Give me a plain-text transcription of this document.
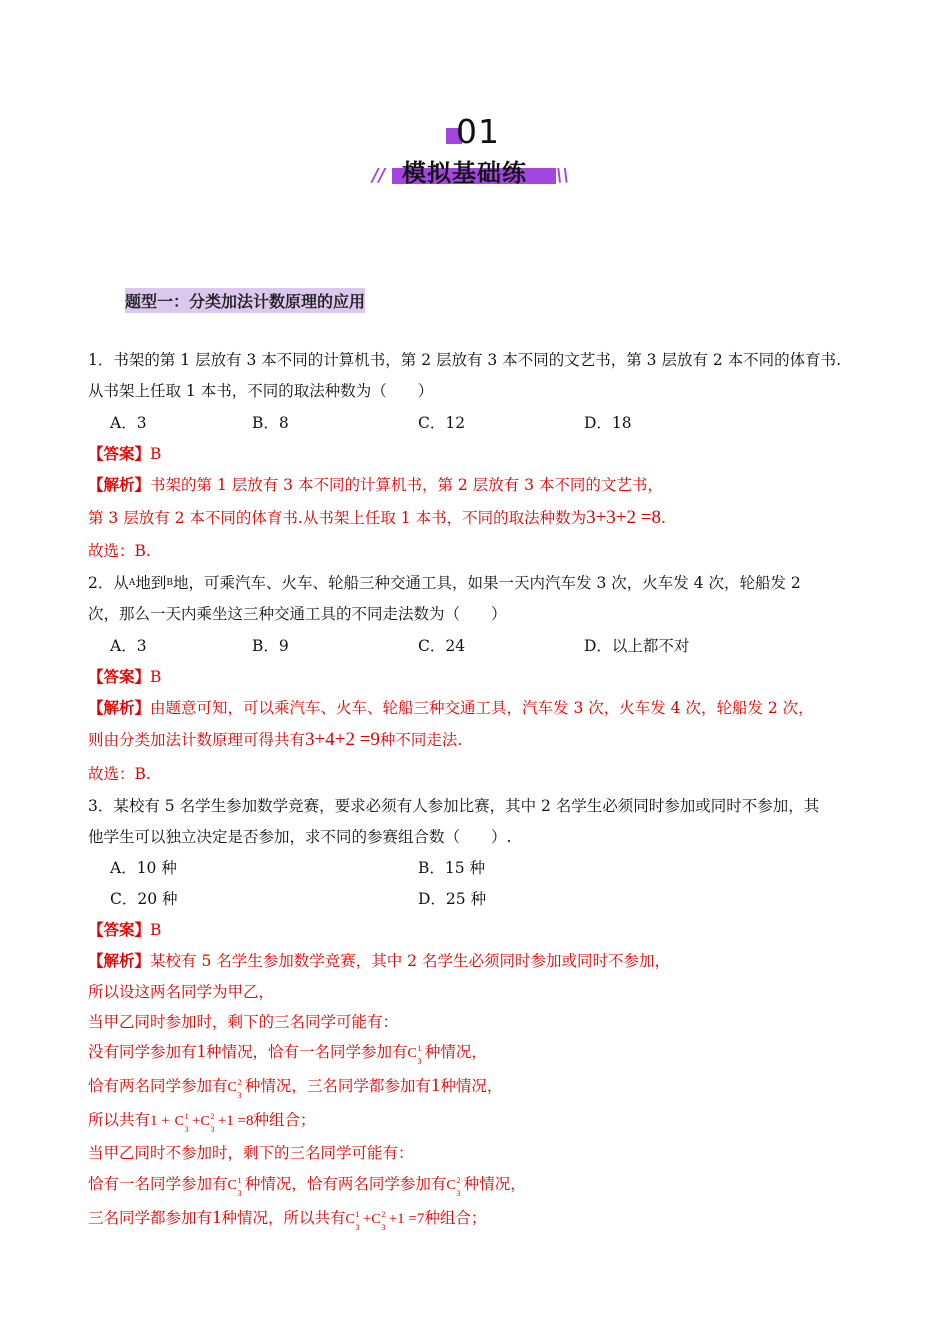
01
// 模拟基础练 \\
题型一：分类加法计数原理的应用
1．书架的第 1 层放有 3 本不同的计算机书，第 2 层放有 3 本不同的文艺书，第 3 层放有 2 本不同的体育书.
从书架上任取 1 本书，不同的取法种数为（　　）
A．3	B．8	C．12	D．18
【答案】B
【解析】书架的第 1 层放有 3 本不同的计算机书，第 2 层放有 3 本不同的文艺书，
第 3 层放有 2 本不同的体育书.从书架上任取 1 本书，不同的取法种数为3+3+2 =8.
故选：B.
2．从A地到B地，可乘汽车、火车、轮船三种交通工具，如果一天内汽车发 3 次，火车发 4 次，轮船发 2
次，那么一天内乘坐这三种交通工具的不同走法数为（　　）
A．3	B．9	C．24	D．以上都不对
【答案】B
【解析】由题意可知，可以乘汽车、火车、轮船三种交通工具，汽车发 3 次，火车发 4 次，轮船发 2 次，
则由分类加法计数原理可得共有3+4+2 =9种不同走法.
故选：B.
3．某校有 5 名学生参加数学竞赛，要求必须有人参加比赛，其中 2 名学生必须同时参加或同时不参加，其
他学生可以独立决定是否参加，求不同的参赛组合数（　　）.
A．10 种	B．15 种
C．20 种	D．25 种
【答案】B
【解析】某校有 5 名学生参加数学竞赛，其中 2 名学生必须同时参加或同时不参加，
所以设这两名同学为甲乙，
当甲乙同时参加时，剩下的三名同学可能有：
没有同学参加有1种情况，恰有一名同学参加有C 1
3
种情况，
恰有两名同学参加有C 2
3
种情况，三名同学都参加有1种情况，
所以共有1 + C 1
3
+C 2
3
+1 =8种组合；
当甲乙同时不参加时，剩下的三名同学可能有：
恰有一名同学参加有C 1
3
种情况，恰有两名同学参加有C 2
3
种情况，
三名同学都参加有1种情况，所以共有C 1
3
+C 2
3
+1 =7种组合；
